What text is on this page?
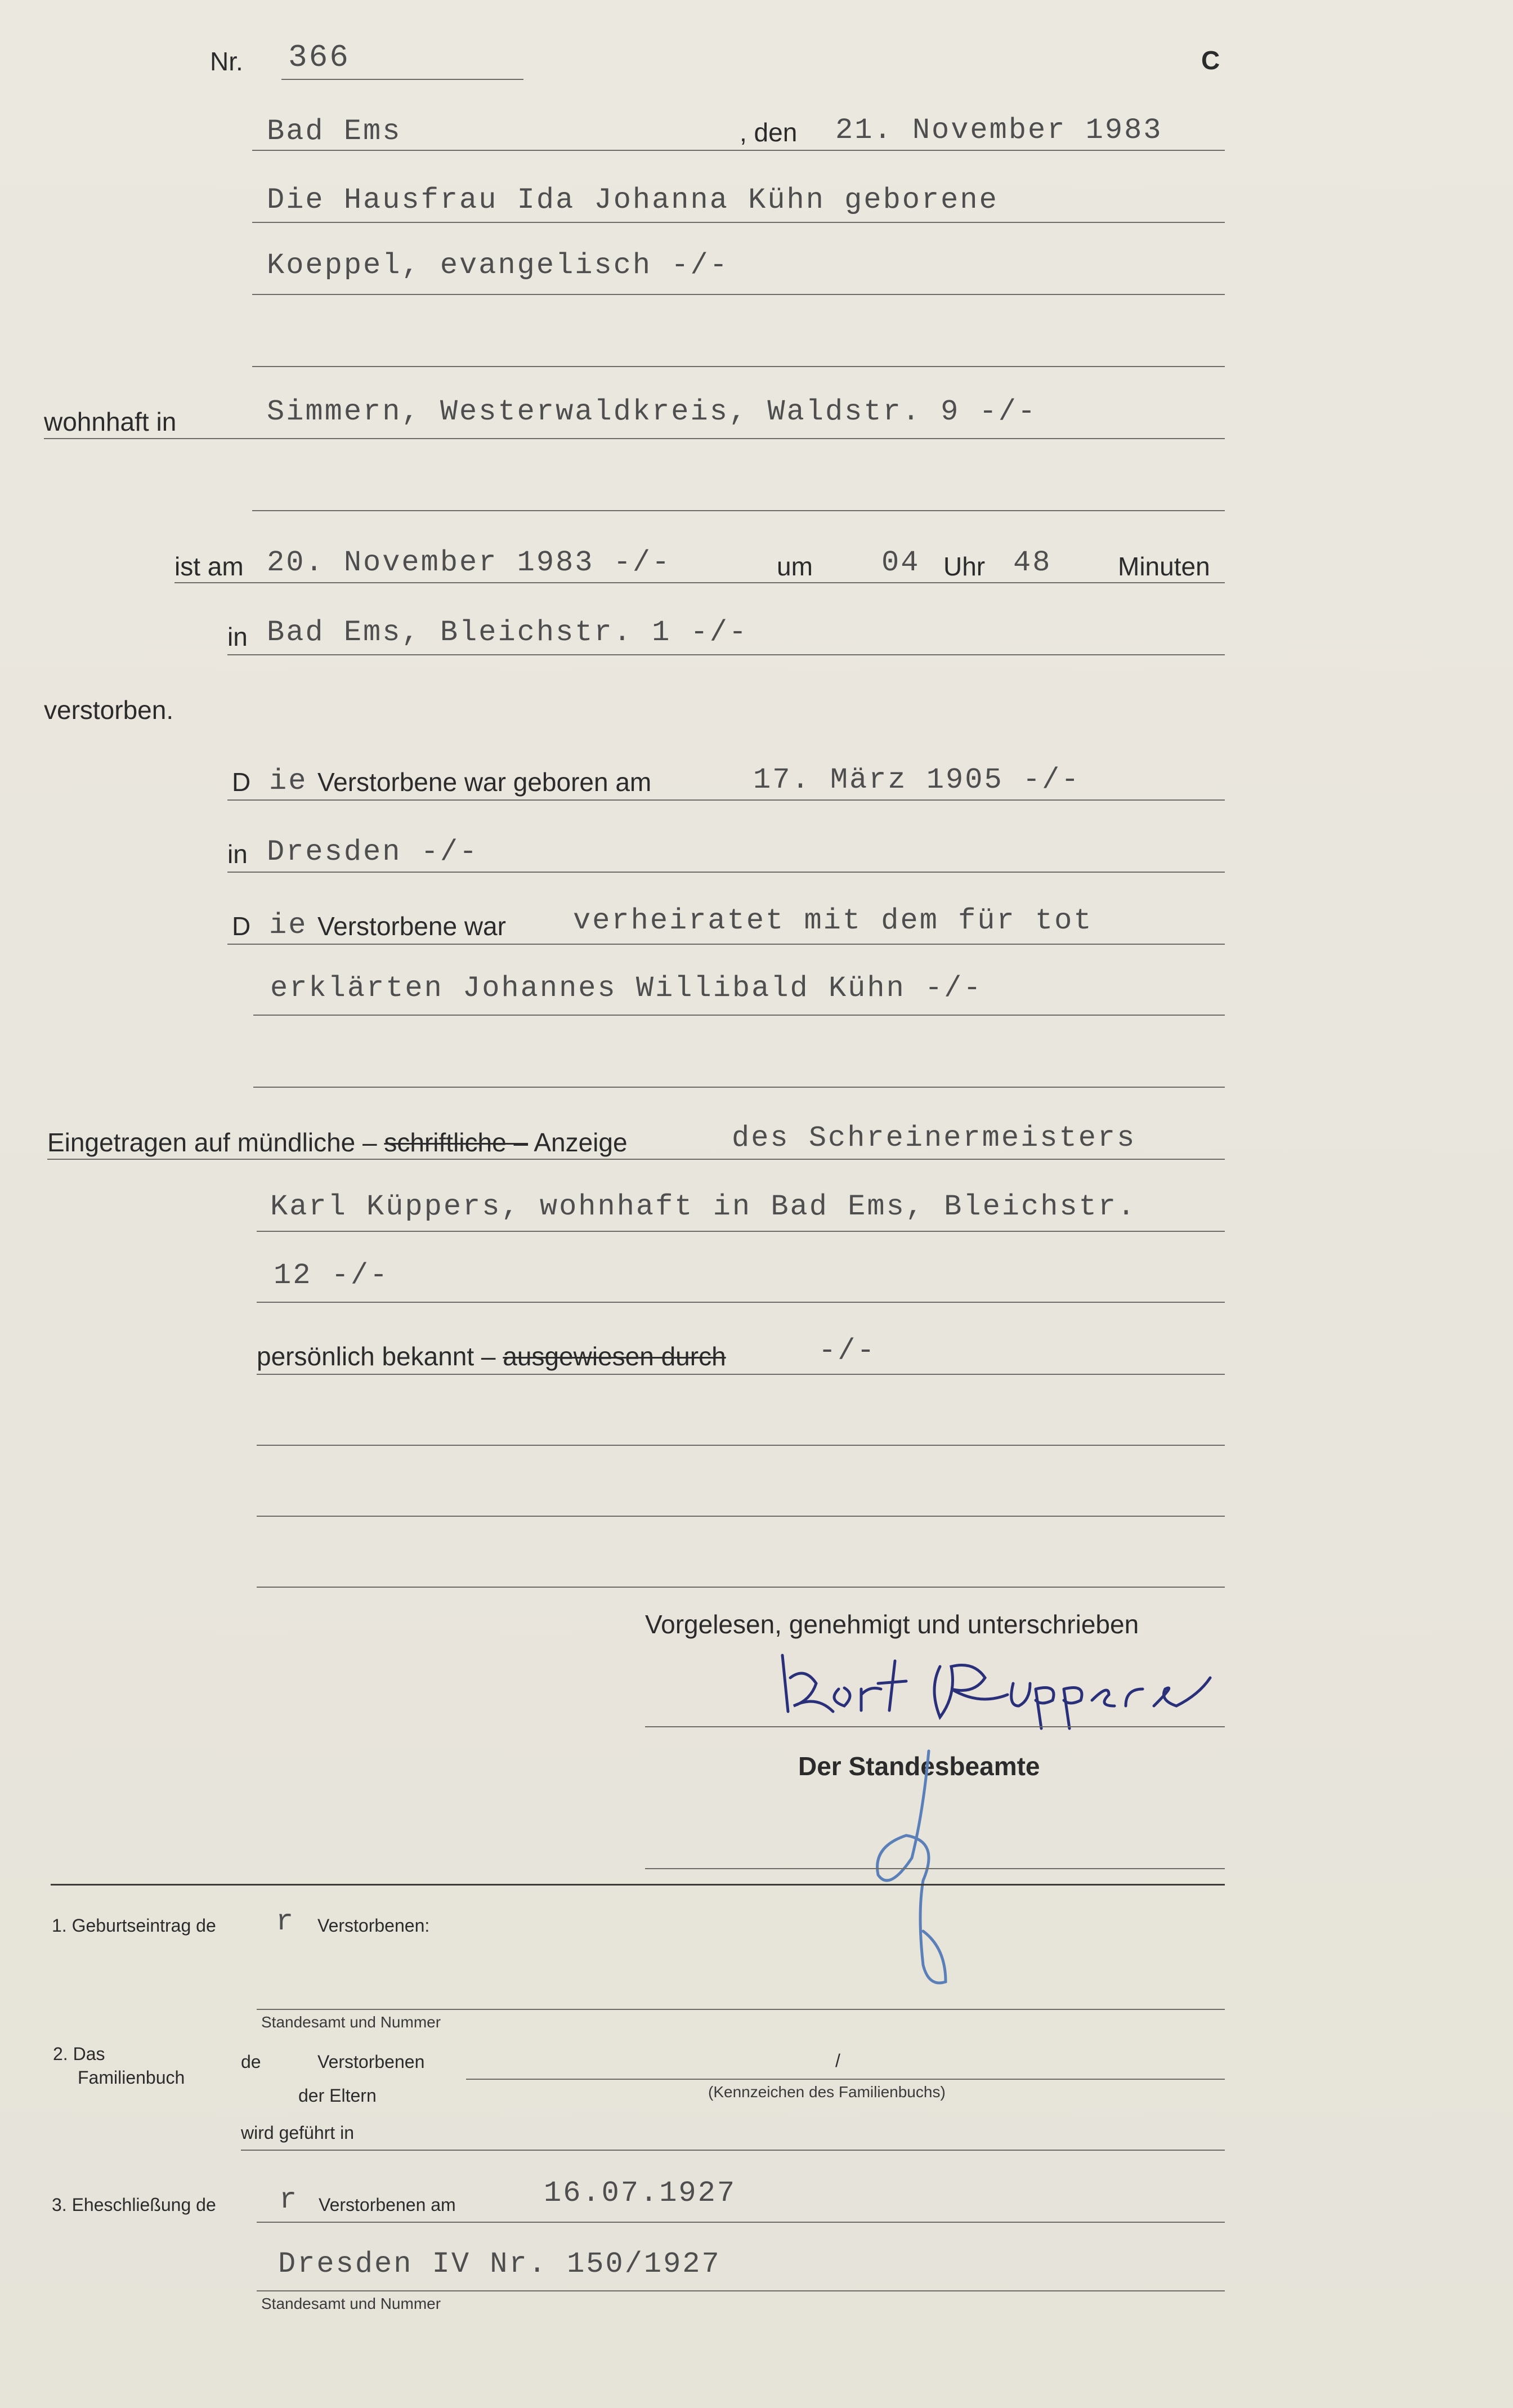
Nr. 366	C
Bad Ems	, den 21. November 1983
Die Hausfrau Ida Johanna Kühn geborene
Koeppel, evangelisch -/-
wohnhaft in	Simmern, Westerwaldkreis, Waldstr. 9 -/-
ist am 20. November 1983 -/-	um 04 Uhr 48	Minuten
in Bad Ems, Bleichstr. 1 -/-
verstorben.
D ie Verstorbene war geboren am	17. März 1905 -/-
in Dresden -/-
D ie Verstorbene war verheiratet mit dem für tot
erklärten Johannes Willibald Kühn -/-
Eingetragen auf mündliche – schriftliche – Anzeige	des Schreinermeisters
Karl Küppers, wohnhaft in Bad Ems, Bleichstr.
12 -/-
persönlich bekannt – ausgewiesen durch	-/-
Vorgelesen, genehmigt und unterschrieben
Der Standesbeamte
1. Geburtseintrag de r Verstorbenen:
Standesamt und Nummer
2. Das
Familienbuch
de	Verstorbenen
der Eltern
/
(Kennzeichen des Familienbuchs)
wird geführt in
3. Eheschließung de r Verstorbenen am	16.07.1927
Dresden IV Nr. 150/1927
Standesamt und Nummer
